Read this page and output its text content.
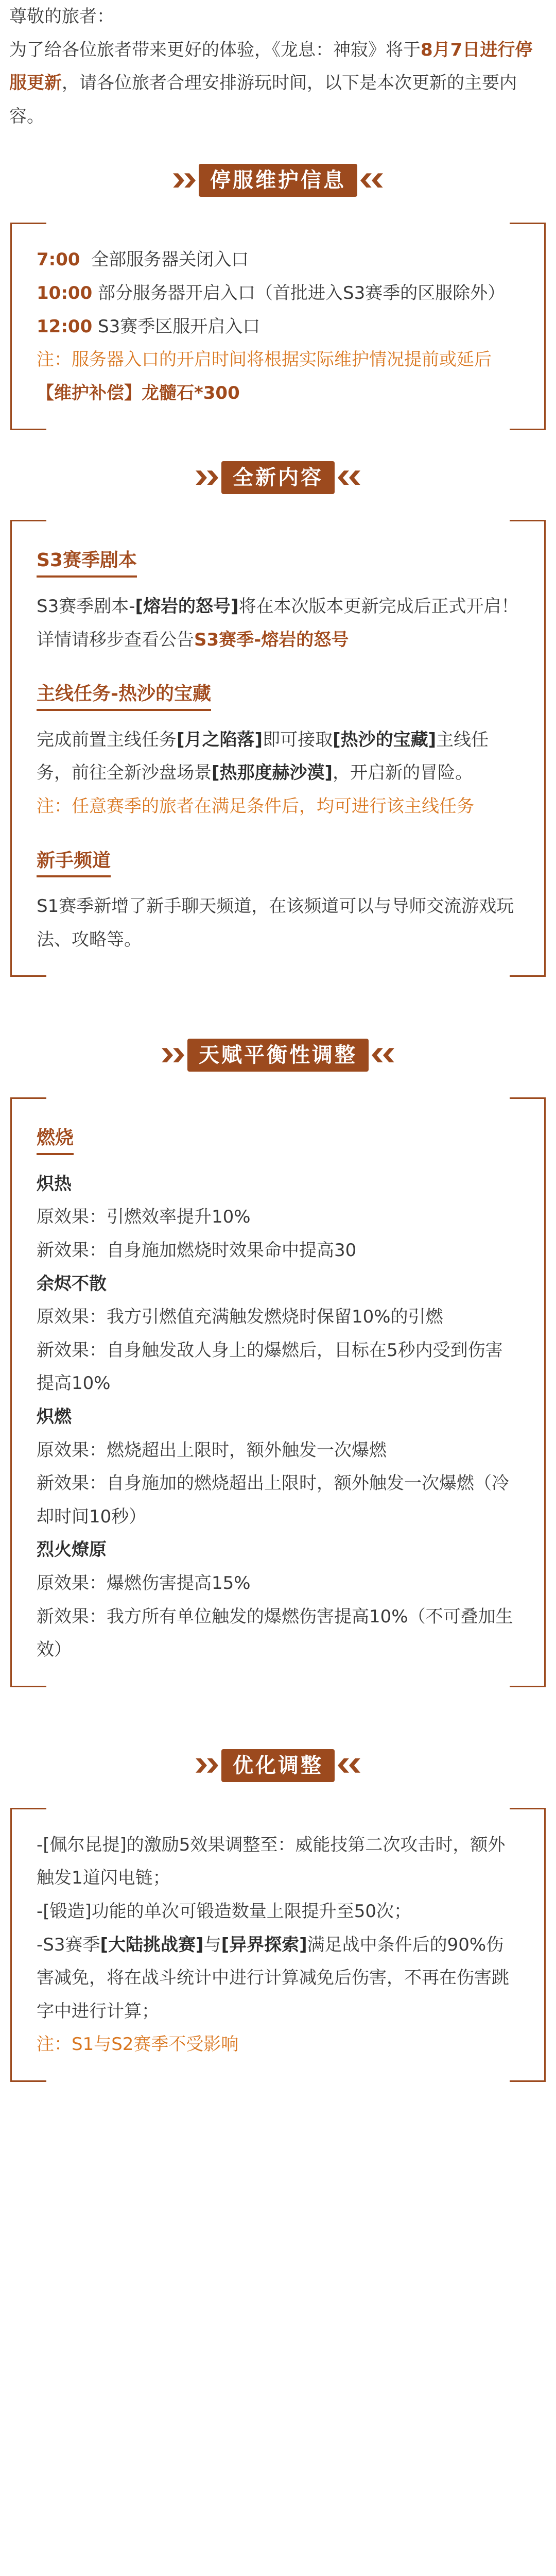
尊敬的旅者：

为了给各位旅者带来更好的体验，《龙息：神寂》将于8月7日进行停服更新，请各位旅者合理安排游玩时间，以下是本次更新的主要内容。

停服维护信息

7:00 全部服务器关闭入口

10:00 部分服务器开启入口（首批进入S3赛季的区服除外）

12:00 S3赛季区服开启入口

注：服务器入口的开启时间将根据实际维护情况提前或延后

【维护补偿】龙髓石*300

全新内容
S3赛季剧本

S3赛季剧本-[熔岩的怒号]将在本次版本更新完成后正式开启！详情请移步查看公告S3赛季-熔岩的怒号

主线任务-热沙的宝藏

完成前置主线任务[月之陷落]即可接取[热沙的宝藏]主线任务，前往全新沙盘场景[热那度赫沙漠]，开启新的冒险。

注：任意赛季的旅者在满足条件后，均可进行该主线任务

新手频道

S1赛季新增了新手聊天频道，在该频道可以与导师交流游戏玩法、攻略等。

天赋平衡性调整
燃烧

炽热

原效果：引燃效率提升10%

新效果：自身施加燃烧时效果命中提高30

余烬不散

原效果：我方引燃值充满触发燃烧时保留10%的引燃

新效果：自身触发敌人身上的爆燃后，目标在5秒内受到伤害提高10%

炽燃

原效果：燃烧超出上限时，额外触发一次爆燃

新效果：自身施加的燃烧超出上限时，额外触发一次爆燃（冷却时间10秒）

烈火燎原

原效果：爆燃伤害提高15%

新效果：我方所有单位触发的爆燃伤害提高10%（不可叠加生效）

优化调整

-[佩尔昆提]的激励5效果调整至：威能技第二次攻击时，额外触发1道闪电链；

-[锻造]功能的单次可锻造数量上限提升至50次；

-S3赛季[大陆挑战赛]与[异界探索]满足战中条件后的90%伤害减免，将在战斗统计中进行计算减免后伤害，不再在伤害跳字中进行计算；

注：S1与S2赛季不受影响
